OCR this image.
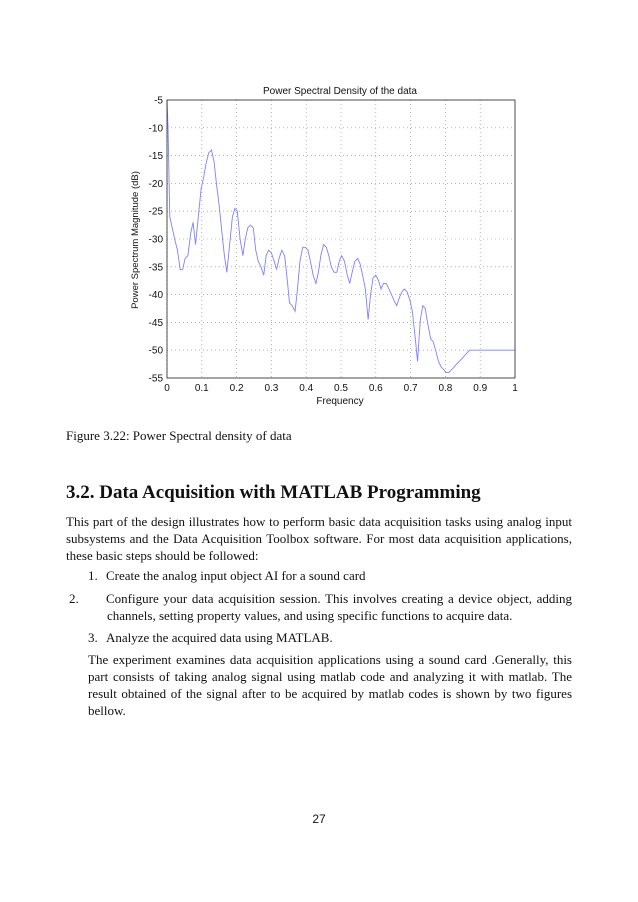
Power Spectral Density of the data
Power Spectrum Magnitude (dB)
Frequency
-5
-10
-15
-20
-25
-30
-35
-40
-45
-50
-55
0	0.1 0.2 0.3 0.4 0.5 0.6 0.7 0.8 0.9	1
Figure 3.22: Power Spectral density of data
3.2. Data Acquisition with MATLAB Programming

This part of the design illustrates how to perform basic data acquisition tasks using analog input subsystems and the Data Acquisition Toolbox software. For most data acquisition applications, these basic steps should be followed:

1. Create the analog input object AI for a sound card

2. Configure your data acquisition session. This involves creating a device object, adding channels, setting property values, and using specific functions to acquire data.

3. Analyze the acquired data using MATLAB.

The experiment examines data acquisition applications using a sound card .Generally, this part consists of taking analog signal using matlab code and analyzing it with matlab. The result obtained of the signal after to be acquired by matlab codes is shown by two figures bellow.

27
